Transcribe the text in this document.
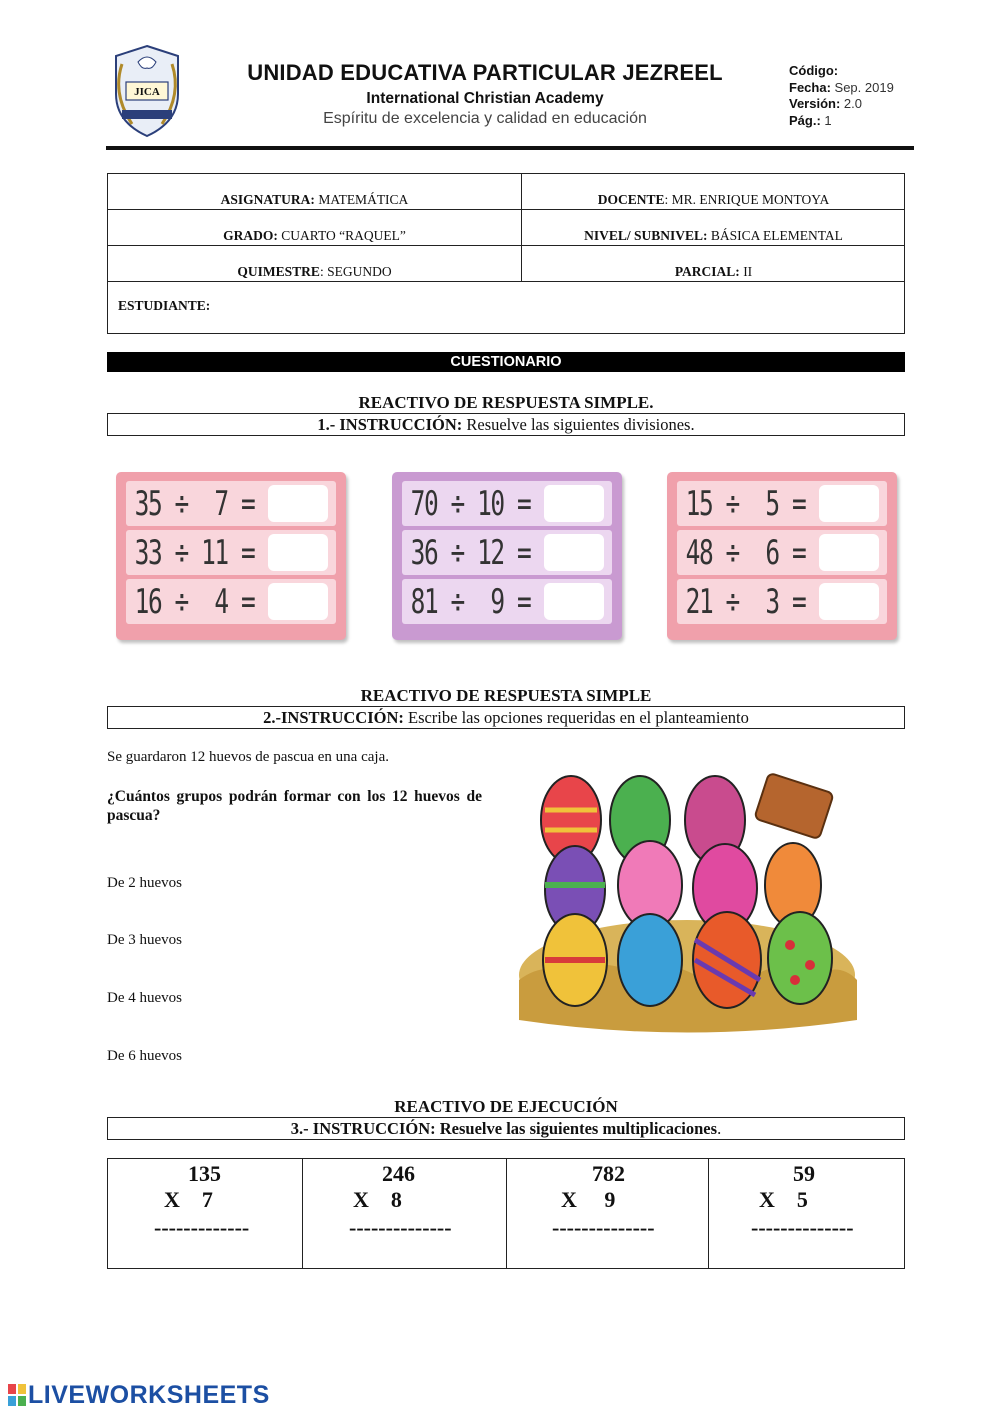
JICA
UNIDAD EDUCATIVA PARTICULAR JEZREEL
International Christian Academy
Espíritu de excelencia y calidad en educación
Código:
Fecha: Sep. 2019
Versión: 2.0
Pág.: 1
ASIGNATURA: MATEMÁTICA	DOCENTE: MR. ENRIQUE MONTOYA
GRADO: CUARTO “RAQUEL”	NIVEL/ SUBNIVEL: BÁSICA ELEMENTAL
QUIMESTRE: SEGUNDO	PARCIAL: II
ESTUDIANTE:
CUESTIONARIO
REACTIVO DE RESPUESTA SIMPLE.
1.- INSTRUCCIÓN: Resuelve las siguientes divisiones.
35 ÷  7 =
33 ÷ 11 =
16 ÷  4 =
70 ÷ 10 =
36 ÷ 12 =
81 ÷  9 =
15 ÷  5 =
48 ÷  6 =
21 ÷  3 =
REACTIVO DE RESPUESTA SIMPLE
2.-INSTRUCCIÓN: Escribe las opciones requeridas en el planteamiento
Se guardaron 12 huevos de pascua en una caja.
¿Cuántos grupos podrán formar con los 12 huevos de pascua?
De 2 huevos
De 3 huevos
De 4 huevos
De 6 huevos
REACTIVO DE EJECUCIÓN
3.- INSTRUCCIÓN: Resuelve las siguientes multiplicaciones.
135
X    7
-------------
246
X    8
--------------
782
X     9
--------------
59
X    5
--------------
LIVEWORKSHEETS
